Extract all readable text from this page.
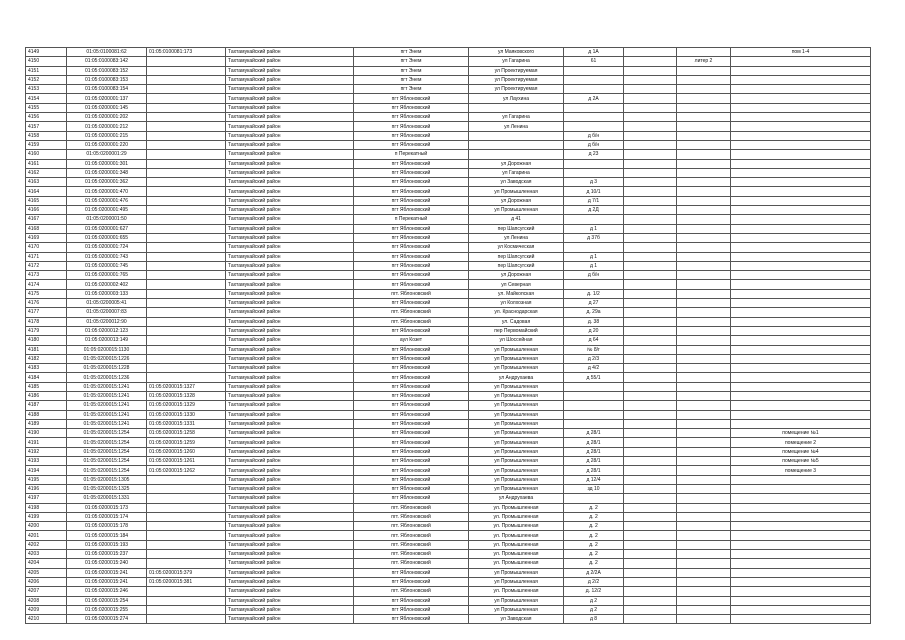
4149	01:05:0100081:62	01:05:0100081:173	Тахтамукайский район	пгт Энем	ул Маяковского	д 1А			пом 1-4
4150	01:05:0100083:142		Тахтамукайский район	пгт Энем	ул Гагарина	61		литер 2	
4151	01:05:0100083:152		Тахтамукайский район	пгт Энем	ул Проектируемая				
4152	01:05:0100083:153		Тахтамукайский район	пгт Энем	ул Проектируемая				
4153	01:05:0100083:154		Тахтамукайский район	пгт Энем	ул Проектируемая				
4154	01:05:0200001:137		Тахтамукайский район	пгт Яблоновский	ул Лаухина	д 2А			
4155	01:05:0200001:145		Тахтамукайский район	пгт Яблоновский					
4156	01:05:0200001:202		Тахтамукайский район	пгт Яблоновский	ул Гагарина				
4157	01:05:0200001:212		Тахтамукайский район	пгт Яблоновский	ул Ленина				
4158	01:05:0200001:215		Тахтамукайский район	пгт Яблоновский		д б/н			
4159	01:05:0200001:220		Тахтамукайский район	пгт Яблоновский		д б/н			
4160	01:05:0200001:29		Тахтамукайский район	п Перекатный		д 23			
4161	01:05:0200001:301		Тахтамукайский район	пгт Яблоновский	ул Дорожная				
4162	01:05:0200001:348		Тахтамукайский район	пгт Яблоновский	ул Гагарина				
4163	01:05:0200001:362		Тахтамукайский район	пгт Яблоновский	ул Заводская	д 3			
4164	01:05:0200001:470		Тахтамукайский район	пгт Яблоновский	ул Промышленная	д 10/1			
4165	01:05:0200001:476		Тахтамукайский район	пгт Яблоновский	ул Дорожная	д 7/1			
4166	01:05:0200001:495		Тахтамукайский район	пгт Яблоновский	ул Промышленная	д 2Д			
4167	01:05:0200001:50		Тахтамукайский район	п Перекатный	д 41				
4168	01:05:0200001:627		Тахтамукайский район	пгт Яблоновский	пер Шапсугский	д 1			
4169	01:05:0200001:655		Тахтамукайский район	пгт Яблоновский	ул Ленина	д 37б			
4170	01:05:0200001:724		Тахтамукайский район	пгт Яблоновский	ул Космическая				
4171	01:05:0200001:743		Тахтамукайский район	пгт Яблоновский	пер Шапсугский	д 1			
4172	01:05:0200001:745		Тахтамукайский район	пгт Яблоновский	пер Шапсугский	д 1			
4173	01:05:0200001:765		Тахтамукайский район	пгт Яблоновский	ул Дорожная	д б/н			
4174	01:05:0200002:402		Тахтамукайский район	пгт Яблоновский	ул Северная				
4175	01:05:0200003:133		Тахтамукайский район	пгт. Яблоновский	ул. Майкопская	д. 1/2			
4176	01:05:0200005:41		Тахтамукайский район	пгт Яблоновский	ул Колхозная	д 27			
4177	01:05:0200007:83		Тахтамукайский район	пгт. Яблоновский	ул. Краснодарская	д. 29а			
4178	01:05:0200012:90		Тахтамукайский район	пгт. Яблоновский	ул. Садовая	д. 38			
4179	01:05:0200012:123		Тахтамукайский район	пгт Яблоновский	пер Первомайский	д 20			
4180	01:05:0200013:149		Тахтамукайский район	аул Козет	ул Шоссейная	д 64			
4181	01:05:0200015:1130		Тахтамукайский район	пгт Яблоновский	ул Промышленная	№ 8/г			
4182	01:05:0200015:1226		Тахтамукайский район	пгт Яблоновский	ул Промышленная	д 2/3			
4183	01:05:0200015:1228		Тахтамукайский район	пгт Яблоновский	ул Промышленная	д 4/2			
4184	01:05:0200015:1236		Тахтамукайский район	пгт Яблоновский	ул Андрухаева	д 55/1			
4185	01:05:0200015:1241	01:05:0200015:1327	Тахтамукайский район	пгт Яблоновский	ул Промышленная				
4186	01:05:0200015:1241	01:05:0200015:1328	Тахтамукайский район	пгт Яблоновский	ул Промышленная				
4187	01:05:0200015:1241	01:05:0200015:1329	Тахтамукайский район	пгт Яблоновский	ул Промышленная				
4188	01:05:0200015:1241	01:05:0200015:1330	Тахтамукайский район	пгт Яблоновский	ул Промышленная				
4189	01:05:0200015:1241	01:05:0200015:1331	Тахтамукайский район	пгт Яблоновский	ул Промышленная				
4190	01:05:0200015:1254	01:05:0200015:1258	Тахтамукайский район	пгт Яблоновский	ул Промышленная	д 28/1			помещение №1
4191	01:05:0200015:1254	01:05:0200015:1259	Тахтамукайский район	пгт Яблоновский	ул Промышленная	д 28/1			помещение 2
4192	01:05:0200015:1254	01:05:0200015:1260	Тахтамукайский район	пгт Яблоновский	ул Промышленная	д 28/1			помещение №4
4193	01:05:0200015:1254	01:05:0200015:1261	Тахтамукайский район	пгт Яблоновский	ул Промышленная	д 28/1			помещение №5
4194	01:05:0200015:1254	01:05:0200015:1262	Тахтамукайский район	пгт Яблоновский	ул Промышленная	д 28/1			помещение 3
4195	01:05:0200015:1305		Тахтамукайский район	пгт Яблоновский	ул Промышленная	д 12/4			
4196	01:05:0200015:1325		Тахтамукайский район	пгт Яблоновский	ул Промышленная	зд 10			
4197	01:05:0200015:1331		Тахтамукайский район	пгт Яблоновский	ул Андрухаева				
4198	01:05:0200015:173		Тахтамукайский район	пгт. Яблоновский	ул. Промышленная	д. 2			
4199	01:05:0200015:174		Тахтамукайский район	пгт. Яблоновский	ул. Промышленная	д. 2			
4200	01:05:0200015:178		Тахтамукайский район	пгт. Яблоновский	ул. Промышленная	д. 2			
4201	01:05:0200015:184		Тахтамукайский район	пгт. Яблоновский	ул. Промышленная	д. 2			
4202	01:05:0200015:193		Тахтамукайский район	пгт. Яблоновский	ул. Промышленная	д. 2			
4203	01:05:0200015:237		Тахтамукайский район	пгт. Яблоновский	ул. Промышленная	д. 2			
4204	01:05:0200015:240		Тахтамукайский район	пгт. Яблоновский	ул. Промышленная	д. 2			
4205	01:05:0200015:241	01:05:0200015:379	Тахтамукайский район	пгт Яблоновский	ул Промышленная	д 2/2А			
4206	01:05:0200015:241	01:05:0200015:381	Тахтамукайский район	пгт Яблоновский	ул Промышленная	д 2/2			
4207	01:05:0200015:246		Тахтамукайский район	пгт. Яблоновский	ул. Промышленная	д. 12/2			
4208	01:05:0200015:254		Тахтамукайский район	пгт Яблоновский	ул Промышленная	д 2			
4209	01:05:0200015:255		Тахтамукайский район	пгт Яблоновский	ул Промышленная	д 2			
4210	01:05:0200015:274		Тахтамукайский район	пгт Яблоновский	ул Заводская	д 8			
